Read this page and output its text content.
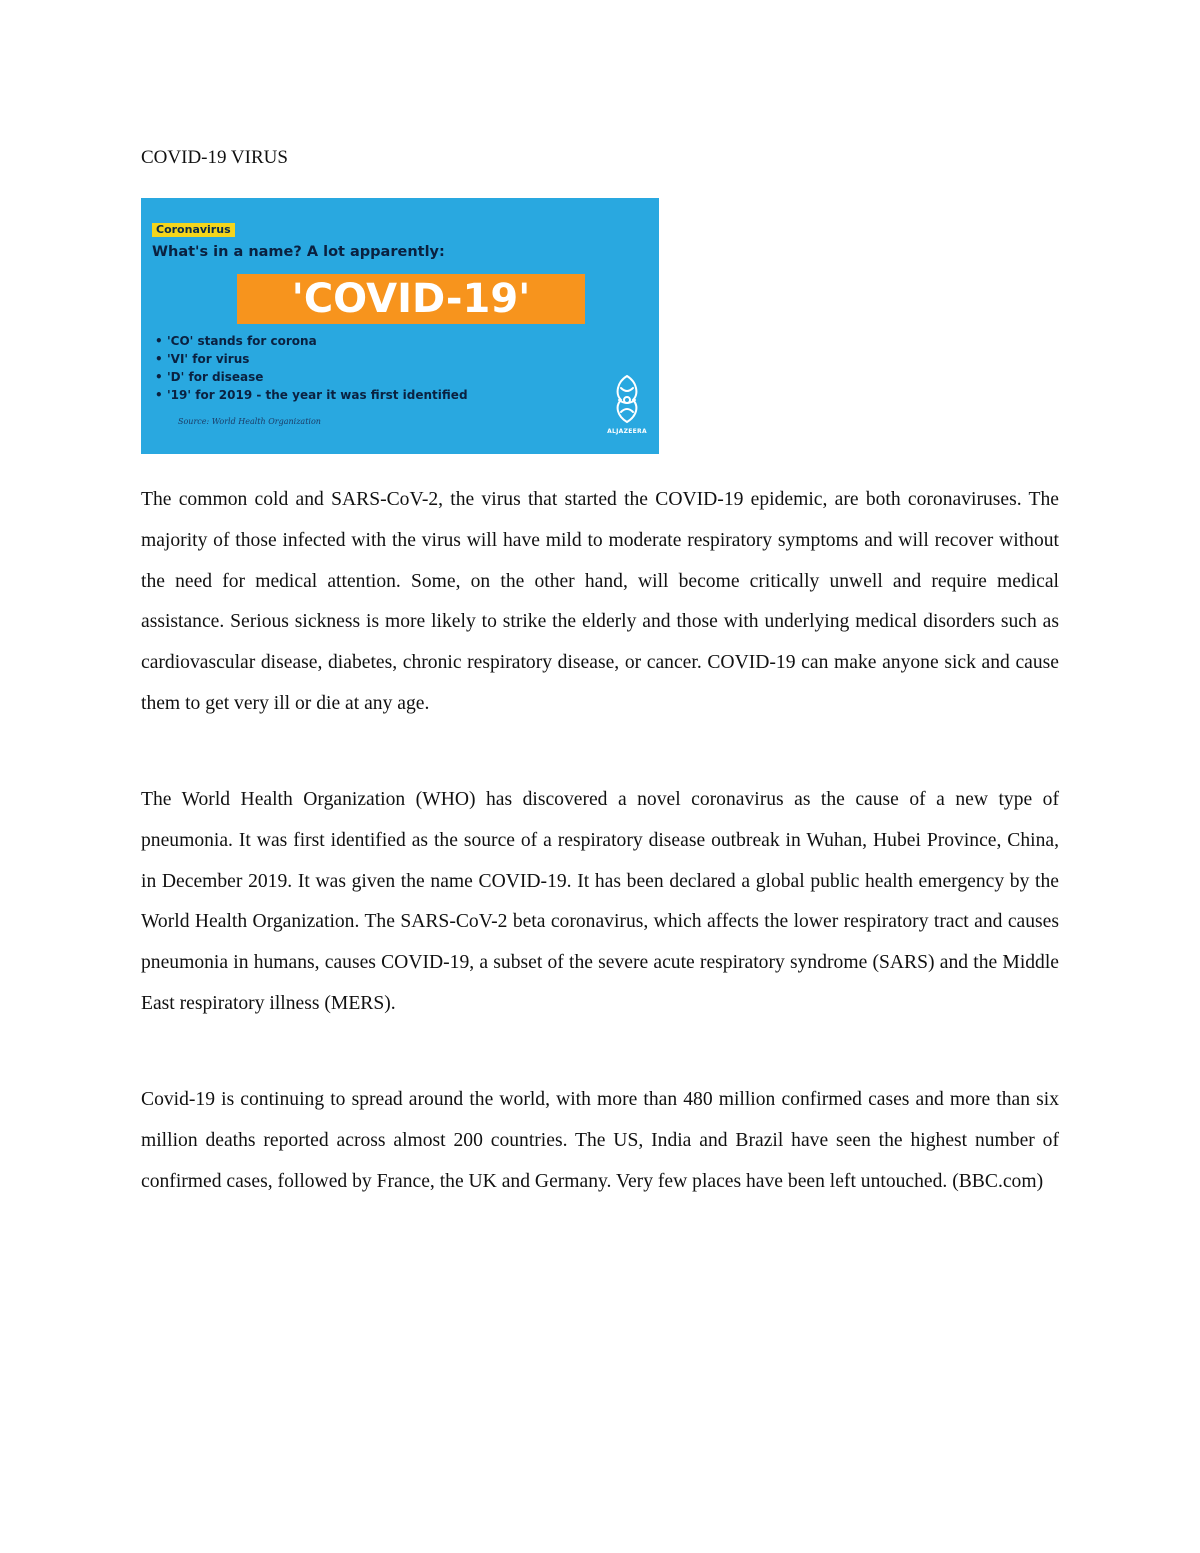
COVID-19 VIRUS
Coronavirus
What's in a name? A lot apparently:
'COVID-19'
• 'CO' stands for corona
• 'VI' for virus
• 'D' for disease
• '19' for 2019 - the year it was first identified
Source: World Health Organization
ALJAZEERA

The common cold and SARS-CoV-2, the virus that started the COVID-19 epidemic, are both coronaviruses. The majority of those infected with the virus will have mild to moderate respiratory symptoms and will recover without the need for medical attention. Some, on the other hand, will become critically unwell and require medical assistance. Serious sickness is more likely to strike the elderly and those with underlying medical disorders such as cardiovascular disease, diabetes, chronic respiratory disease, or cancer. COVID-19 can make anyone sick and cause them to get very ill or die at any age.

The World Health Organization (WHO) has discovered a novel coronavirus as the cause of a new type of pneumonia. It was first identified as the source of a respiratory disease outbreak in Wuhan, Hubei Province, China, in December 2019. It was given the name COVID-19. It has been declared a global public health emergency by the World Health Organization. The SARS-CoV-2 beta coronavirus, which affects the lower respiratory tract and causes pneumonia in humans, causes COVID-19, a subset of the severe acute respiratory syndrome (SARS) and the Middle East respiratory illness (MERS).

Covid-19 is continuing to spread around the world, with more than 480 million confirmed cases and more than six million deaths reported across almost 200 countries. The US, India and Brazil have seen the highest number of confirmed cases, followed by France, the UK and Germany. Very few places have been left untouched. (BBC.com)
